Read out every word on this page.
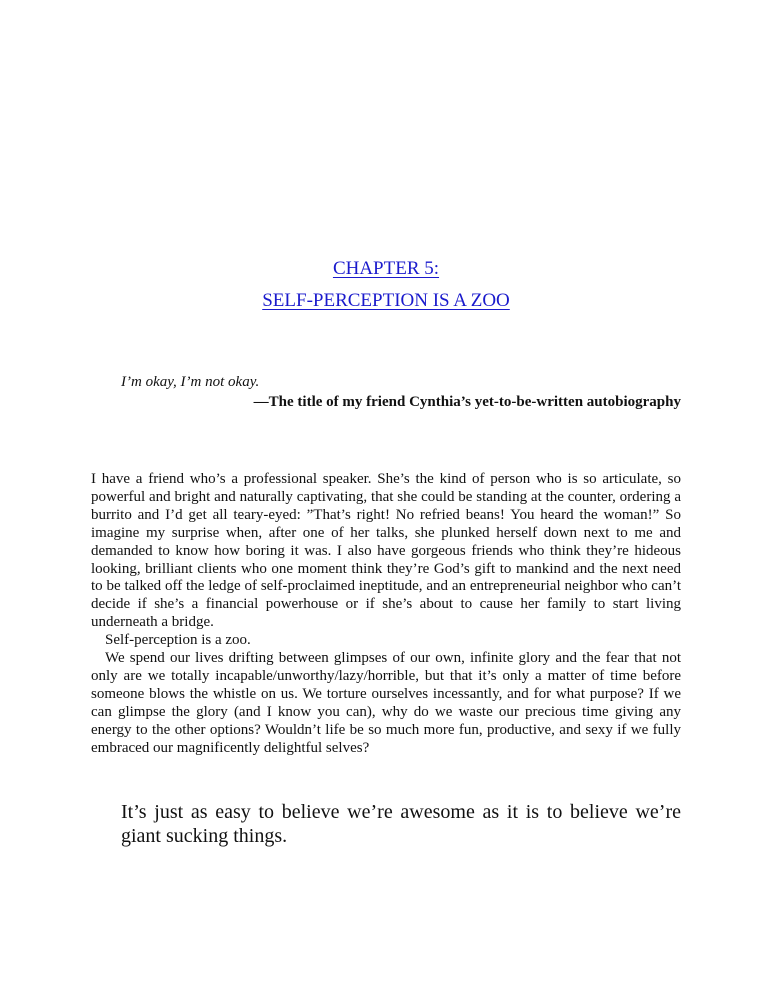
CHAPTER 5:
SELF-PERCEPTION IS A ZOO
I’m okay, I’m not okay.
—The title of my friend Cynthia’s yet-to-be-written autobiography

I have a friend who’s a professional speaker. She’s the kind of person who is so articulate, so powerful and bright and naturally captivating, that she could be standing at the counter, ordering a burrito and I’d get all teary-eyed: ”That’s right! No refried beans! You heard the woman!” So imagine my surprise when, after one of her talks, she plunked herself down next to me and demanded to know how boring it was. I also have gorgeous friends who think they’re hideous looking, brilliant clients who one moment think they’re God’s gift to mankind and the next need to be talked off the ledge of self-proclaimed ineptitude, and an entrepreneurial neighbor who can’t decide if she’s a financial powerhouse or if she’s about to cause her family to start living underneath a bridge.

Self-perception is a zoo.

We spend our lives drifting between glimpses of our own, infinite glory and the fear that not only are we totally incapable/unworthy/lazy/horrible, but that it’s only a matter of time before someone blows the whistle on us. We torture ourselves incessantly, and for what purpose? If we can glimpse the glory (and I know you can), why do we waste our precious time giving any energy to the other options? Wouldn’t life be so much more fun, productive, and sexy if we fully embraced our magnificently delightful selves?

It’s just as easy to believe we’re awesome as it is to believe we’re giant sucking things.
